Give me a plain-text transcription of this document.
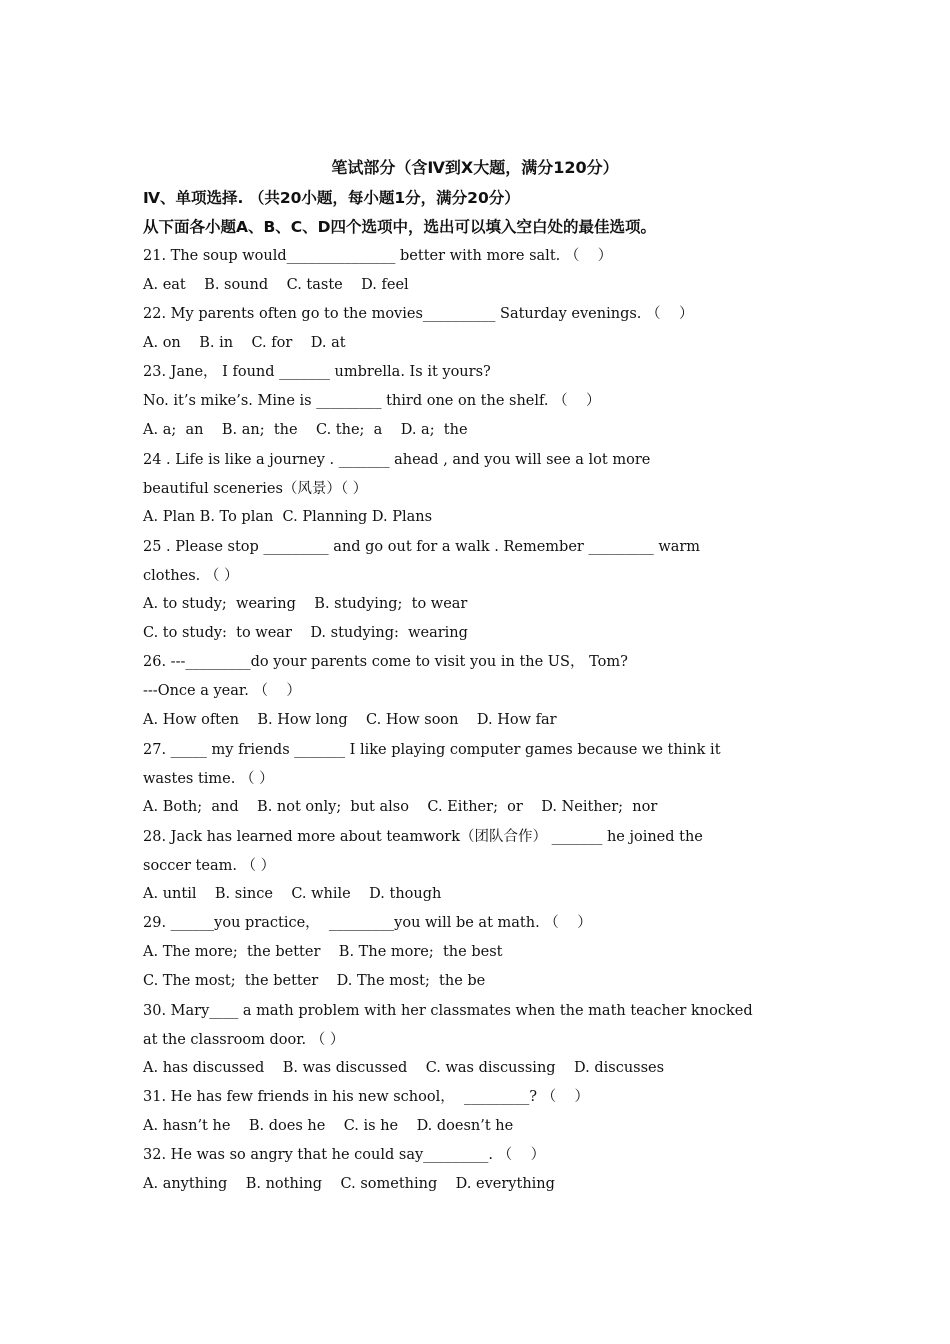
笔试部分（含Ⅳ到Ⅹ大题，满分120分）
Ⅳ、单项选择. （共20小题，每小题1分，满分20分）
从下面各小题A、B、C、D四个选项中，选出可以填入空白处的最佳选项。
21. The soup would_______________ better with more salt. （    ）
A. eat    B. sound    C. taste    D. feel
22. My parents often go to the movies__________ Saturday evenings. （    ）
A. on    B. in    C. for    D. at
23. Jane， I found _______ umbrella. Is it yours?
No. it’s mike’s. Mine is _________ third one on the shelf. （    ）
A. a;  an    B. an;  the    C. the;  a    D. a;  the
24 . Life is like a journey . _______ ahead , and you will see a lot more
beautiful sceneries（风景）（ ）
A. Plan B. To plan  C. Planning D. Plans
25 . Please stop _________ and go out for a walk . Remember _________ warm
clothes. （ ）
A. to study;  wearing    B. studying;  to wear
C. to study:  to wear    D. studying:  wearing
26. ---_________do your parents come to visit you in the US， Tom?
---Once a year. （    ）
A. How often    B. How long    C. How soon    D. How far
27. _____ my friends _______ I like playing computer games because we think it
wastes time. （ ）
A. Both;  and    B. not only;  but also    C. Either;  or    D. Neither;  nor
28. Jack has learned more about teamwork（团队合作） _______ he joined the
soccer team. （ ）
A. until    B. since    C. while    D. though
29. ______you practice，  _________you will be at math. （    ）
A. The more;  the better    B. The more;  the best
C. The most;  the better    D. The most;  the be
30. Mary____ a math problem with her classmates when the math teacher knocked
at the classroom door. （ ）
A. has discussed    B. was discussed    C. was discussing    D. discusses
31. He has few friends in his new school，  _________? （    ）
A. hasn’t he    B. does he    C. is he    D. doesn’t he
32. He was so angry that he could say_________. （    ）
A. anything    B. nothing    C. something    D. everything
